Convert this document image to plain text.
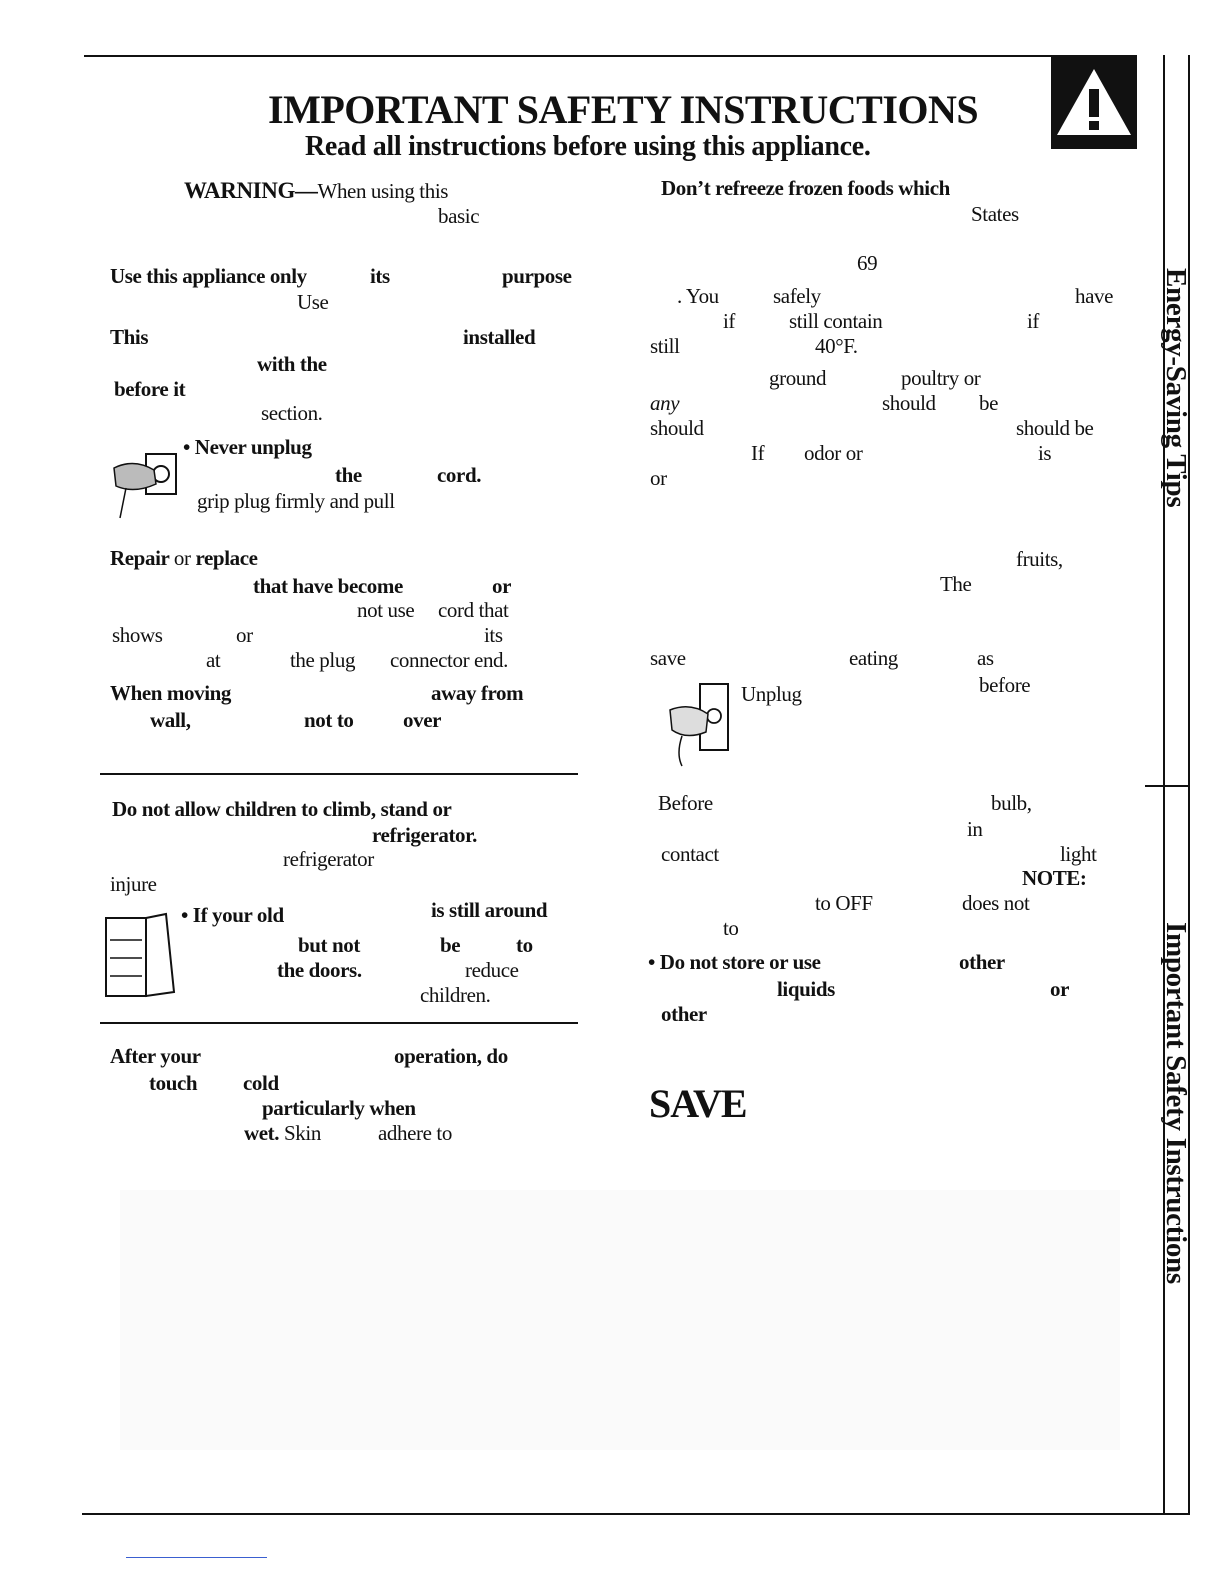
IMPORTANT SAFETY INSTRUCTIONS
Read all instructions before using this appliance.
WARNING—When using this
basic
Use this appliance only	its	purpose
Use
This	installed
with the
before it
section.
• Never unplug
the	cord.
grip plug firmly and pull
Repair or replace
that have become	or
not use cord that
shows	or	its
at	the plug connector end.
When moving	away from
wall,	not to over
Do not allow children to climb, stand or
refrigerator.
refrigerator
injure
• If your old	is still around
but not	be	to
the doors.	reduce
children.
After your	operation, do
touch cold
particularly when
wet. Skin	adhere to
Don’t refreeze frozen foods which
States
69
. You	safely	have
if	still contain	if
still	40°F.
ground	poultry or
any	should be
should	should be
If odor or	is
or
fruits,
The
save	eating	as
Unplug	before
Before	bulb,
in
contact	light
NOTE:
to OFF	does not
to
• Do not store or use	other
liquids	or
other
SAVE
Energy-Saving Tips
Important Safety Instructions
